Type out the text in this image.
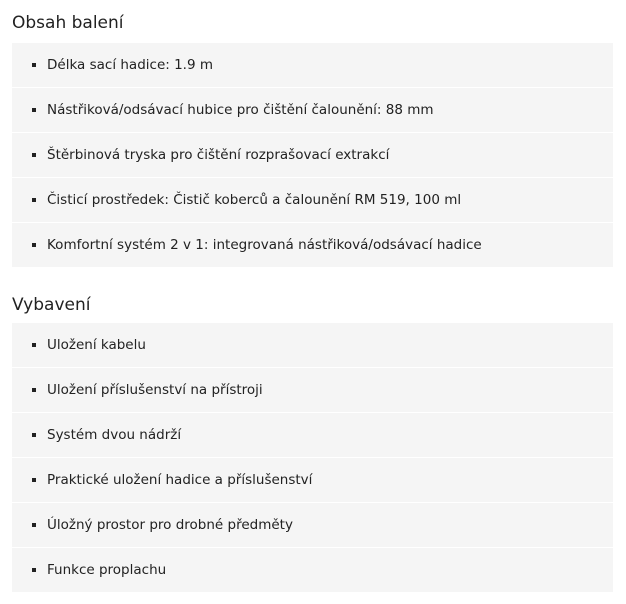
Obsah balení
Délka sací hadice: 1.9 m
Nástřiková/odsávací hubice pro čištění čalounění: 88 mm
Štěrbinová tryska pro čištění rozprašovací extrakcí
Čisticí prostředek: Čistič koberců a čalounění RM 519, 100 ml
Komfortní systém 2 v 1: integrovaná nástřiková/odsávací hadice
Vybavení
Uložení kabelu
Uložení příslušenství na přístroji
Systém dvou nádrží
Praktické uložení hadice a příslušenství
Úložný prostor pro drobné předměty
Funkce proplachu
